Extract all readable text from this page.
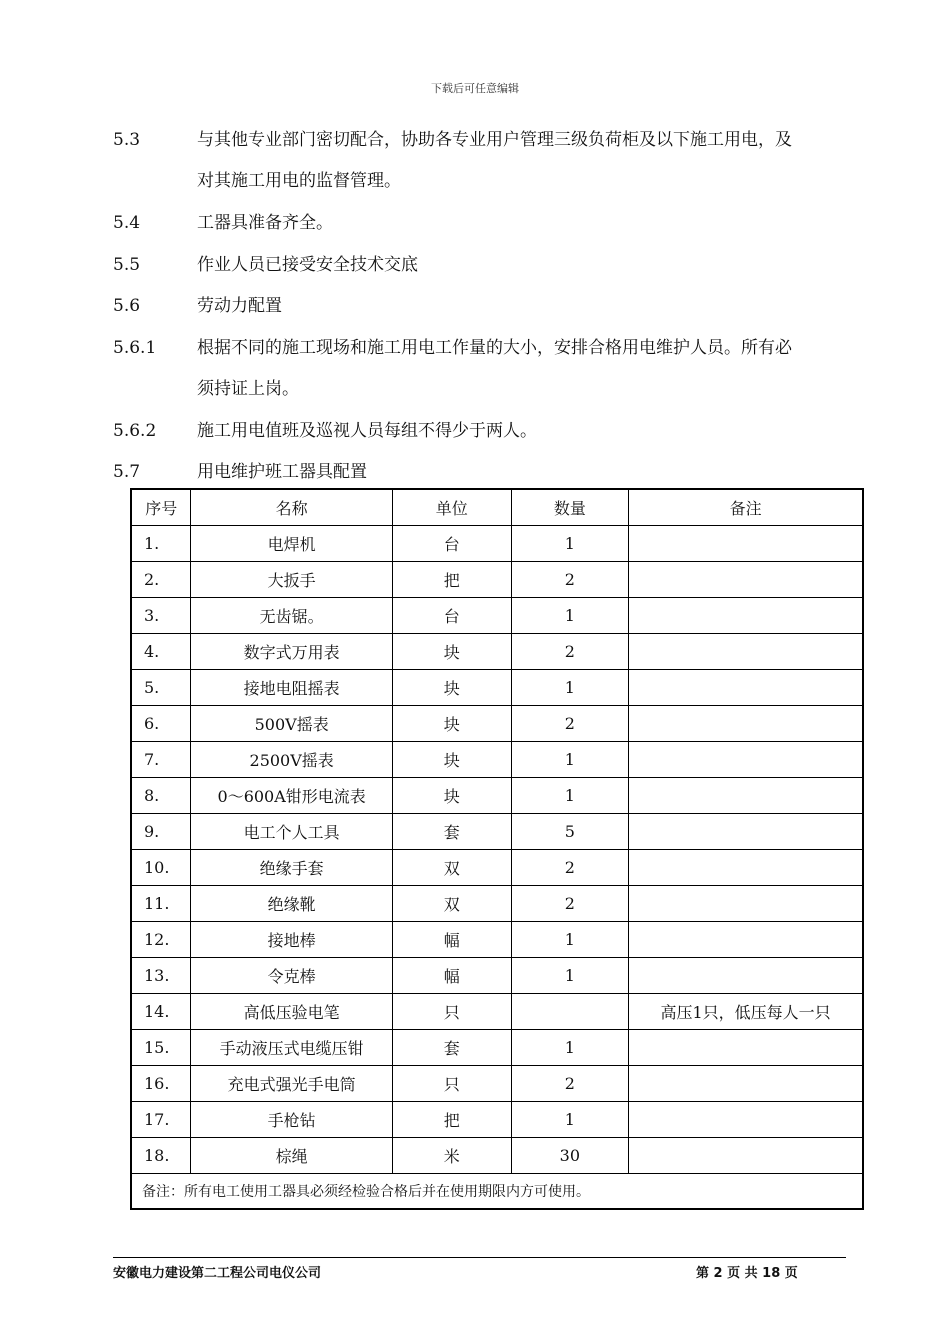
下载后可任意编辑
5.3	与其他专业部门密切配合，协助各专业用户管理三级负荷柜及以下施工用电，及
对其施工用电的监督管理。
5.4	工器具准备齐全。
5.5	作业人员已接受安全技术交底
5.6	劳动力配置
5.6.1	根据不同的施工现场和施工用电工作量的大小，安排合格用电维护人员。所有必
须持证上岗。
5.6.2	施工用电值班及巡视人员每组不得少于两人。
5.7	用电维护班工器具配置
序号	名称	单位	数量	备注
1.	电焊机	台	1	
2.	大扳手	把	2	
3.	无齿锯。	台	1	
4.	数字式万用表	块	2	
5.	接地电阻摇表	块	1	
6.	500V摇表	块	2	
7.	2500V摇表	块	1	
8.	0～600A钳形电流表	块	1	
9.	电工个人工具	套	5	
10.	绝缘手套	双	2	
11.	绝缘靴	双	2	
12.	接地棒	幅	1	
13.	令克棒	幅	1	
14.	高低压验电笔	只		高压1只，低压每人一只
15.	手动液压式电缆压钳	套	1	
16.	充电式强光手电筒	只	2	
17.	手枪钻	把	1	
18.	棕绳	米	30	
备注：所有电工使用工器具必须经检验合格后并在使用期限内方可使用。				
安徽电力建设第二工程公司电仪公司	第 2 页 共 18 页
